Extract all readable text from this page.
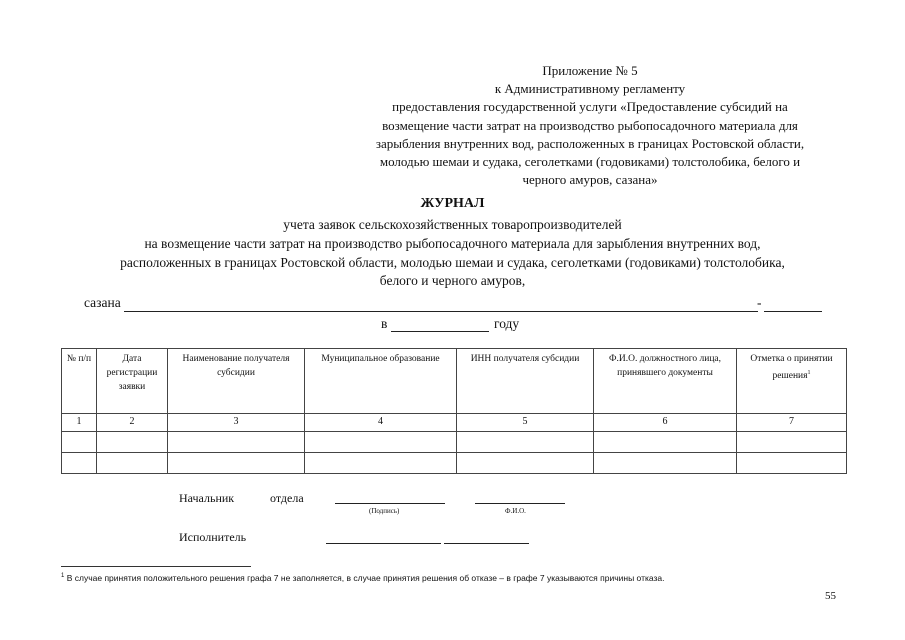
Приложение № 5
к Административному регламенту
предоставления государственной услуги «Предоставление субсидий на
возмещение части затрат на производство рыбопосадочного материала для
зарыбления внутренних вод, расположенных в границах Ростовской области,
молодью шемаи и судака, сеголетками (годовиками) толстолобика, белого и
черного амуров, сазана»
ЖУРНАЛ
учета заявок сельскохозяйственных товаропроизводителей
на возмещение части затрат на производство рыбопосадочного материала для зарыбления внутренних вод,
расположенных в границах Ростовской области, молодью шемаи и судака, сеголетками (годовиками) толстолобика,
белого и черного амуров,
сазана	-
в	году
№ п/п	Дата регистрации заявки	Наименование получателя субсидии	Муниципальное образование	ИНН получателя субсидии	Ф.И.О. должностного лица, принявшего документы	Отметка о принятии решения$^1$
1	2	3	4	5	6	7

Начальник	отдела
(Подпись)	Ф.И.О.
Исполнитель
$^1$ В случае принятия положительного решения графа 7 не заполняется, в случае принятия решения об отказе – в графе 7 указываются причины отказа.
55
